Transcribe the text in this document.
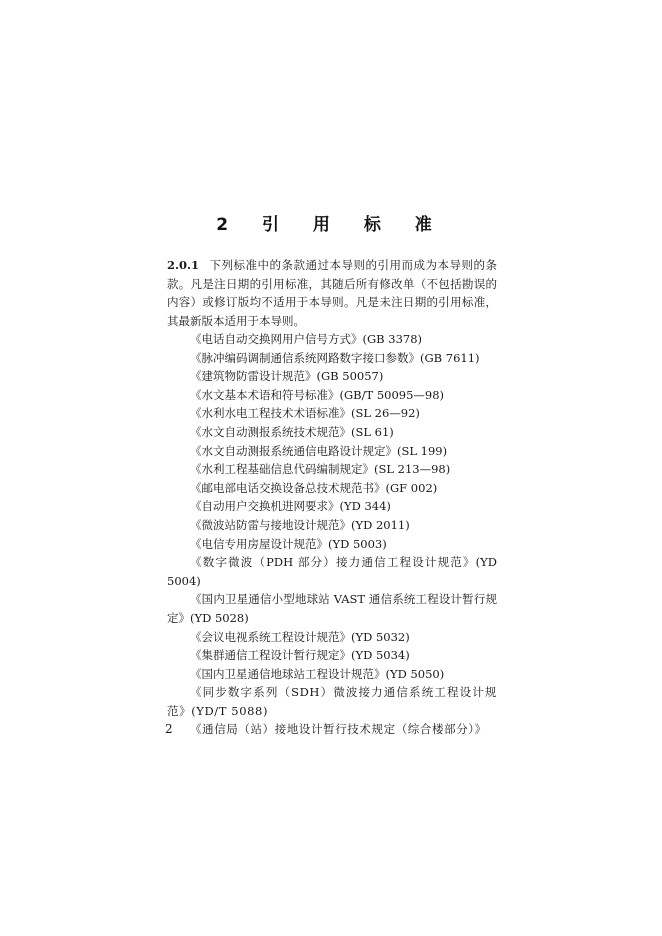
2 引 用 标 准
2.0.1 下列标准中的条款通过本导则的引用而成为本导则的条款。凡是注日期的引用标准，其随后所有修改单（不包括勘误的内容）或修订版均不适用于本导则。凡是未注日期的引用标准，其最新版本适用于本导则。
《电话自动交换网用户信号方式》(GB 3378)
《脉冲编码调制通信系统网路数字接口参数》(GB 7611)
《建筑物防雷设计规范》(GB 50057)
《水文基本术语和符号标准》(GB/T 50095—98)
《水利水电工程技术术语标准》(SL 26—92)
《水文自动测报系统技术规范》(SL 61)
《水文自动测报系统通信电路设计规定》(SL 199)
《水利工程基础信息代码编制规定》(SL 213—98)
《邮电部电话交换设备总技术规范书》(GF 002)
《自动用户交换机进网要求》(YD 344)
《微波站防雷与接地设计规范》(YD 2011)
《电信专用房屋设计规范》(YD 5003)
《数字微波（PDH 部分）接力通信工程设计规范》(YD 5004)
《国内卫星通信小型地球站 VAST 通信系统工程设计暂行规定》(YD 5028)
《会议电视系统工程设计规范》(YD 5032)
《集群通信工程设计暂行规定》(YD 5034)
《国内卫星通信地球站工程设计规范》(YD 5050)
《同步数字系列（SDH）微波接力通信系统工程设计规范》(YD/T 5088)
《通信局（站）接地设计暂行技术规定（综合楼部分）》
2
